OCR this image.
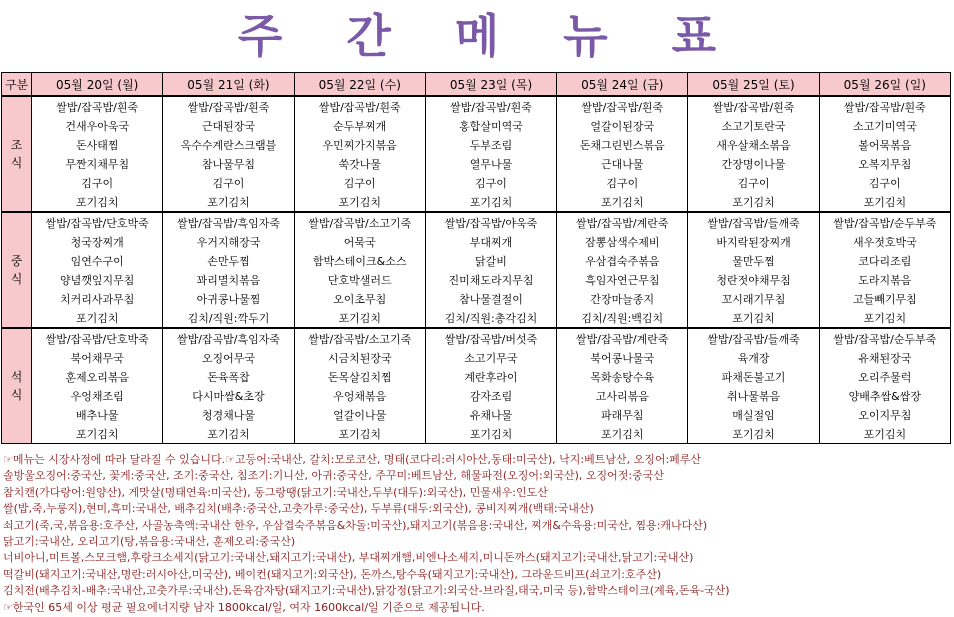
주 간 메 뉴 표
구분	05월 20일 (월)	05월 21일 (화)	05월 22일 (수)	05월 23일 (목)	05월 24일 (금)	05월 25일 (토)	05월 26일 (일)
조식	쌀밥/잡곡밥/흰죽	쌀밥/잡곡밥/흰죽	쌀밥/잡곡밥/흰죽	쌀밥/잡곡밥/흰죽	쌀밥/잡곡밥/흰죽	쌀밥/잡곡밥/흰죽	쌀밥/잡곡밥/흰죽
	건새우아욱국	근대된장국	순두부찌개	홍합살미역국	얼갈이된장국	소고기토란국	소고기미역국
	돈사태찜	옥수수계란스크램블	우민찌가지볶음	두부조림	돈채그린빈스볶음	새우살채소볶음	볼어묵볶음
	무짠지채무침	참나물무침	쑥갓나물	열무나물	근대나물	간장명이나물	오복지무침
	김구이	김구이	김구이	김구이	김구이	김구이	김구이
	포기김치	포기김치	포기김치	포기김치	포기김치	포기김치	포기김치
중식	쌀밥/잡곡밥/단호박죽	쌀밥/잡곡밥/흑임자죽	쌀밥/잡곡밥/소고기죽	쌀밥/잡곡밥/야욱죽	쌀밥/잡곡밥/계란죽	쌀밥/잡곡밥/들깨죽	쌀밥/잡곡밥/순두부죽
	청국장찌개	우거지해장국	어묵국	부대찌개	잠뽕삼색수제비	바지락된장찌개	새우젓호박국
	임연수구이	손만두찜	함박스테이크&소스	닭갈비	우삼겹숙주볶음	물만두찜	코다리조림
	양념깻잎지무침	꽈리멸치볶음	단호박샐러드	진미채도라지무침	흑임자연근무침	청란젓야채무침	도라지볶음
	치커리사과무침	아귀콩나물찜	오이초무침	참나물결절이	간장마늘종지	꼬시래기무침	고들빼기무침
	포기김치	김치/직원:깍두기	포기김치	김치/직원:총각김치	김치/직원:백김치	포기김치	포기김치
석식	쌀밥/잡곡밥/단호박죽	쌀밥/잡곡밥/흑임자죽	쌀밥/잡곡밥/소고기죽	쌀밥/잡곡밥/버섯죽	쌀밥/잡곡밥/계란죽	쌀밥/잡곡밥/들깨죽	쌀밥/잡곡밥/순두부죽
	북어채무국	오징어무국	시금치된장국	소고기무국	북어콩나물국	육개장	유채된장국
	훈제오리볶음	돈육폭찹	돈목살김치찜	계란후라이	목화송탕수육	파채돈불고기	오리주물럭
	우엉채조림	다시마쌈&초장	우엉채볶음	감자조림	고사리볶음	취나물볶음	양배추쌈&쌈장
	배추나물	청경채나물	얼갈이나물	유채나물	파래무침	매실절임	오이지무침
	포기김치	포기김치	포기김치	포기김치	포기김치	포기김치	포기김치
☞메뉴는 시장사정에 따라 달라질 수 있습니다.☞고등어:국내산, 갈치:모로코산, 명태(코다리:러시아산,동태:미국산), 낙지:베트남산, 오징어:페루산
솔방울오징어:중국산, 꽃게:중국산, 조기:중국산, 침조기:기니산, 아귀:중국산, 주꾸미:베트남산, 해물파전(오징어:외국산), 오징어젓:중국산
참치캔(가다랑어:원양산), 게맛살(명태연육:미국산), 동그랑땡(닭고기:국내산,두부(대두):외국산), 민물새우:인도산
쌀(밥,죽,누룽지),현미,흑미:국내산, 배추김치(배추:중국산,고춧가루:중국산), 두부류(대두:외국산), 콩비지찌개(백태:국내산)
쇠고기(죽,국,볶음용:호주산, 사골농축액:국내산 한우, 우삼겹숙주볶음&차돌:미국산),돼지고기(볶음용:국내산, 찌개&수육용:미국산, 찜용:캐나다산)
닭고기:국내산, 오리고기(탕,볶음용:국내산, 훈제오리:중국산)
너비아니,미트볼,스모크햄,후랑크소세지(닭고기:국내산,돼지고기:국내산), 부대찌개햄,비엔나소세지,미니돈까스(돼지고기:국내산,닭고기:국내산)
떡갈비(돼지고기:국내산,명란:러시아산,미국산), 베이컨(돼지고기:외국산), 돈까스,탕수육(돼지고기:국내산), 그라운드비프(쇠고기:호주산)
김치전(배추김치-배추:국내산,고춧가루:국내산),돈육감자탕(돼지고기:국내산),닭강정(닭고기:외국산-브라질,태국,미국 등),함박스테이크(계육,돈육-국산)
☞한국인 65세 이상 평균 필요에너지량 남자 1800kcal/일, 여자 1600kcal/일 기준으로 제공됩니다.
